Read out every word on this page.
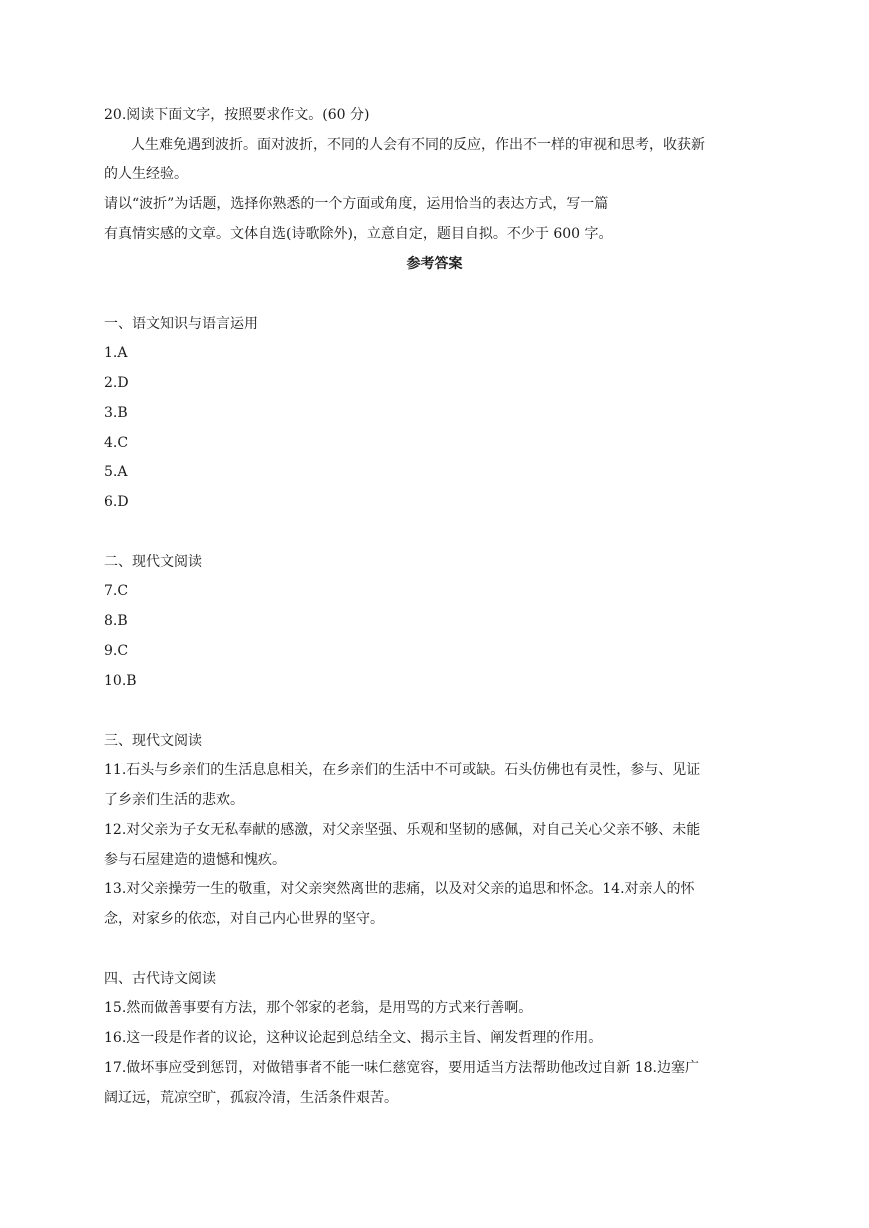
20.阅读下面文字，按照要求作文。(60 分)
人生难免遇到波折。面对波折，不同的人会有不同的反应，作出不一样的审视和思考，收获新
的人生经验。
请以“波折”为话题，选择你熟悉的一个方面或角度，运用恰当的表达方式，写一篇
有真情实感的文章。文体自选(诗歌除外)，立意自定，题目自拟。不少于 600 字。
参考答案
一、语文知识与语言运用
1.A
2.D
3.B
4.C
5.A
6.D
二、现代文阅读
7.C
8.B
9.C
10.B
三、现代文阅读
11.石头与乡亲们的生活息息相关，在乡亲们的生活中不可或缺。石头仿佛也有灵性，参与、见证
了乡亲们生活的悲欢。
12.对父亲为子女无私奉献的感激，对父亲坚强、乐观和坚韧的感佩，对自己关心父亲不够、未能
参与石屋建造的遗憾和愧疚。
13.对父亲操劳一生的敬重，对父亲突然离世的悲痛，以及对父亲的追思和怀念。14.对亲人的怀
念，对家乡的依恋，对自己内心世界的坚守。
四、古代诗文阅读
15.然而做善事要有方法，那个邻家的老翁，是用骂的方式来行善啊。
16.这一段是作者的议论，这种议论起到总结全文、揭示主旨、阐发哲理的作用。
17.做坏事应受到惩罚，对做错事者不能一味仁慈宽容，要用适当方法帮助他改过自新 18.边塞广
阔辽远，荒凉空旷，孤寂冷清，生活条件艰苦。
